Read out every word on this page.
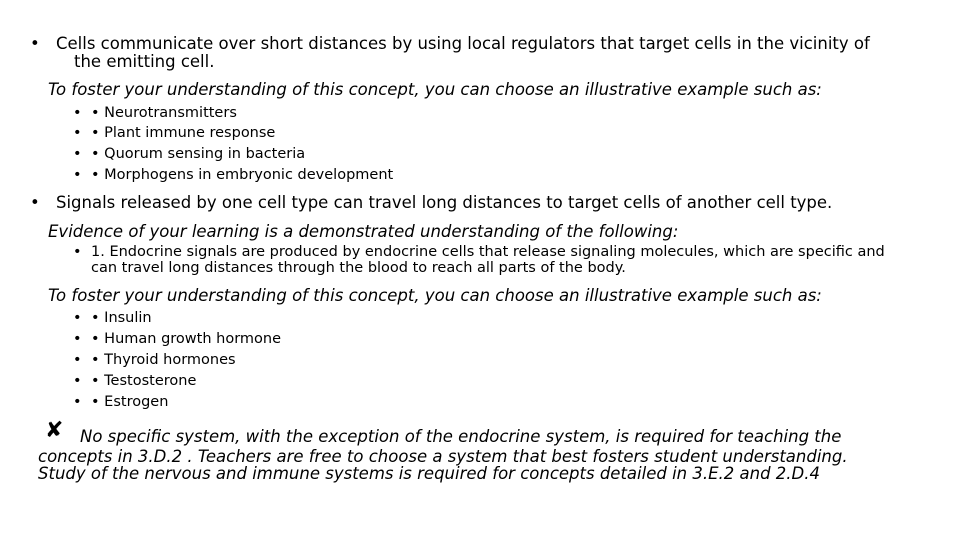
• Cells communicate over short distances by using local regulators that target cells in the vicinity of
the emitting cell.
To foster your understanding of this concept, you can choose an illustrative example such as:
• • Neurotransmitters
• • Plant immune response
• • Quorum sensing in bacteria
• • Morphogens in embryonic development
• Signals released by one cell type can travel long distances to target cells of another cell type.
Evidence of your learning is a demonstrated understanding of the following:
• 1. Endocrine signals are produced by endocrine cells that release signaling molecules, which are specific and
can travel long distances through the blood to reach all parts of the body.
To foster your understanding of this concept, you can choose an illustrative example such as:
• • Insulin
• • Human growth hormone
• • Thyroid hormones
• • Testosterone
• • Estrogen
✘ No specific system, with the exception of the endocrine system, is required for teaching the
concepts in 3.D.2 . Teachers are free to choose a system that best fosters student understanding.
Study of the nervous and immune systems is required for concepts detailed in 3.E.2 and 2.D.4
